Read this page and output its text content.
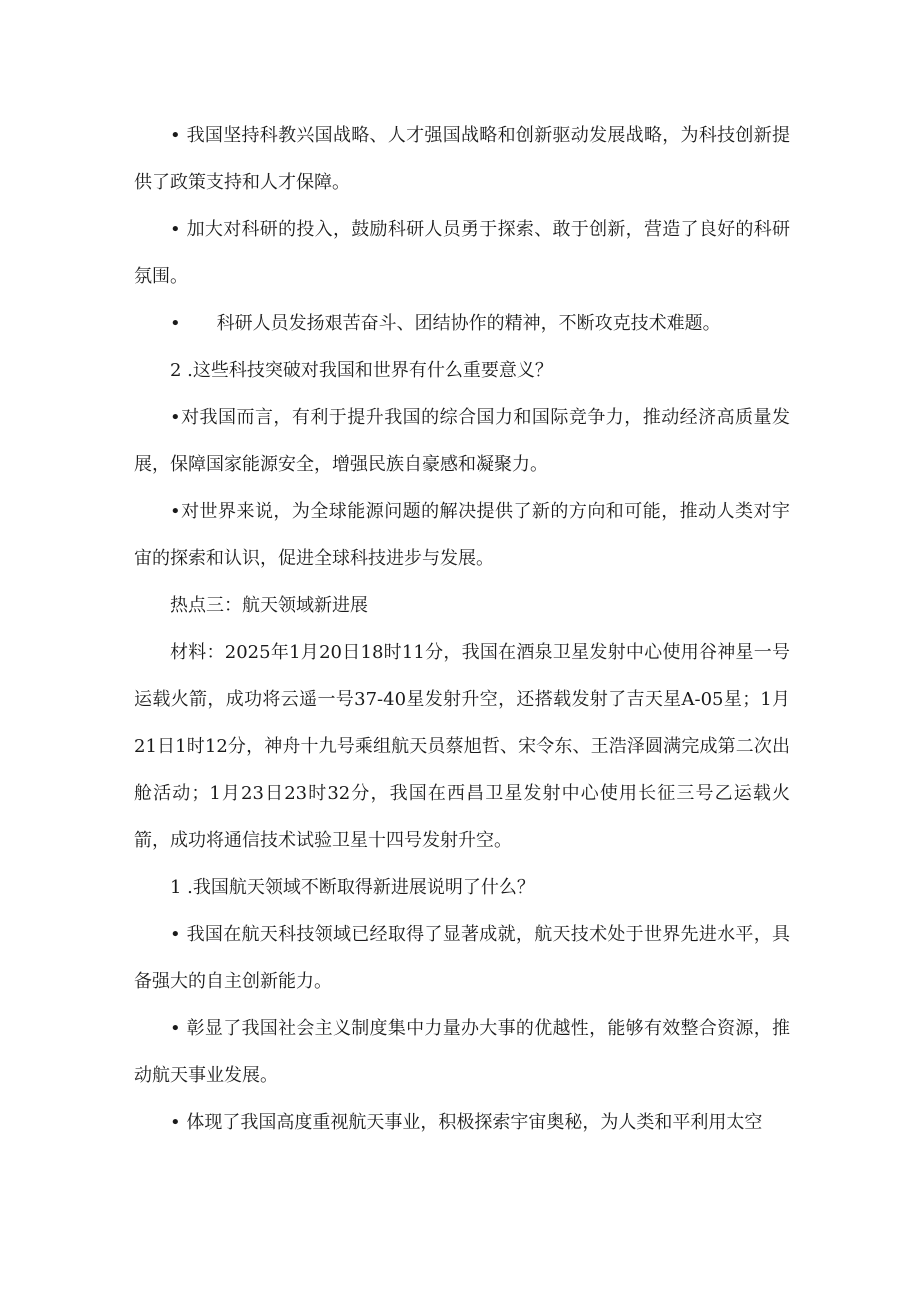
• 我国坚持科教兴国战略、人才强国战略和创新驱动发展战略，为科技创新提供了政策支持和人才保障。

• 加大对科研的投入，鼓励科研人员勇于探索、敢于创新，营造了良好的科研氛围。

•　　科研人员发扬艰苦奋斗、团结协作的精神，不断攻克技术难题。

2 .这些科技突破对我国和世界有什么重要意义？

•对我国而言，有利于提升我国的综合国力和国际竞争力，推动经济高质量发展，保障国家能源安全，增强民族自豪感和凝聚力。

•对世界来说，为全球能源问题的解决提供了新的方向和可能，推动人类对宇宙的探索和认识，促进全球科技进步与发展。

热点三：航天领域新进展

材料：2025年1月20日18时11分，我国在酒泉卫星发射中心使用谷神星一号运载火箭，成功将云遥一号37-40星发射升空，还搭载发射了吉天星A-05星；1月21日1时12分，神舟十九号乘组航天员蔡旭哲、宋令东、王浩泽圆满完成第二次出舱活动；1月23日23时32分，我国在西昌卫星发射中心使用长征三号乙运载火箭，成功将通信技术试验卫星十四号发射升空。

1 .我国航天领域不断取得新进展说明了什么？

• 我国在航天科技领域已经取得了显著成就，航天技术处于世界先进水平，具备强大的自主创新能力。

• 彰显了我国社会主义制度集中力量办大事的优越性，能够有效整合资源，推动航天事业发展。

• 体现了我国高度重视航天事业，积极探索宇宙奥秘，为人类和平利用太空
